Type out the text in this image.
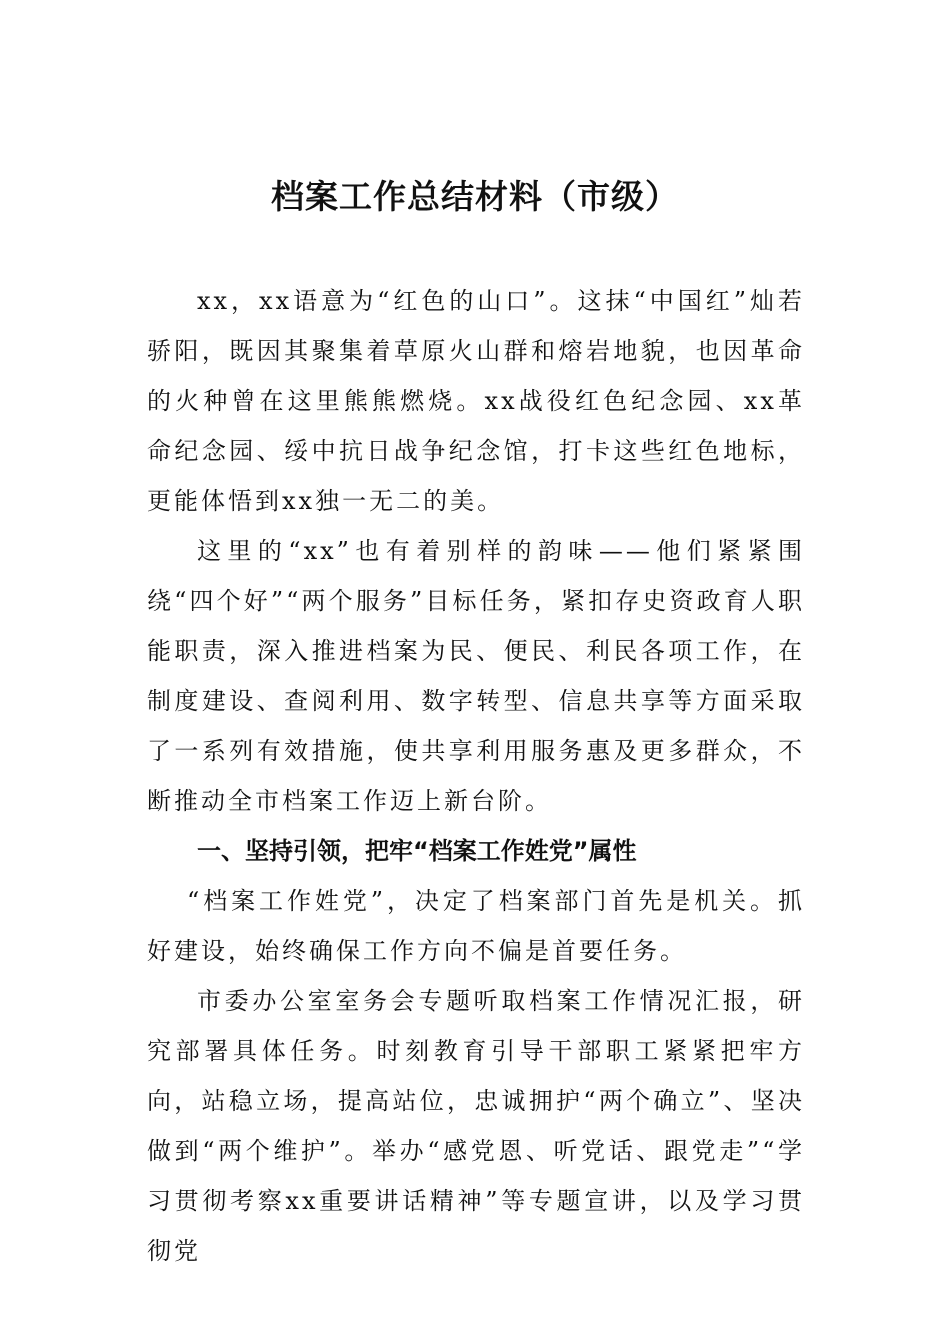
档案工作总结材料（市级）

xx，xx语意为“红色的山口”。这抹“中国红”灿若骄阳，既因其聚集着草原火山群和熔岩地貌，也因革命的火种曾在这里熊熊燃烧。xx战役红色纪念园、xx革命纪念园、绥中抗日战争纪念馆，打卡这些红色地标，更能体悟到xx独一无二的美。

这里的“xx”也有着别样的韵味——他们紧紧围绕“四个好”“两个服务”目标任务，紧扣存史资政育人职能职责，深入推进档案为民、便民、利民各项工作，在制度建设、查阅利用、数字转型、信息共享等方面采取了一系列有效措施，使共享利用服务惠及更多群众，不断推动全市档案工作迈上新台阶。

一、坚持引领，把牢“档案工作姓党”属性

“档案工作姓党”，决定了档案部门首先是机关。抓好建设，始终确保工作方向不偏是首要任务。

市委办公室室务会专题听取档案工作情况汇报，研究部署具体任务。时刻教育引导干部职工紧紧把牢方向，站稳立场，提高站位，忠诚拥护“两个确立”、坚决做到“两个维护”。举办“感党恩、听党话、跟党走”“学习贯彻考察xx重要讲话精神”等专题宣讲，以及学习贯彻党
